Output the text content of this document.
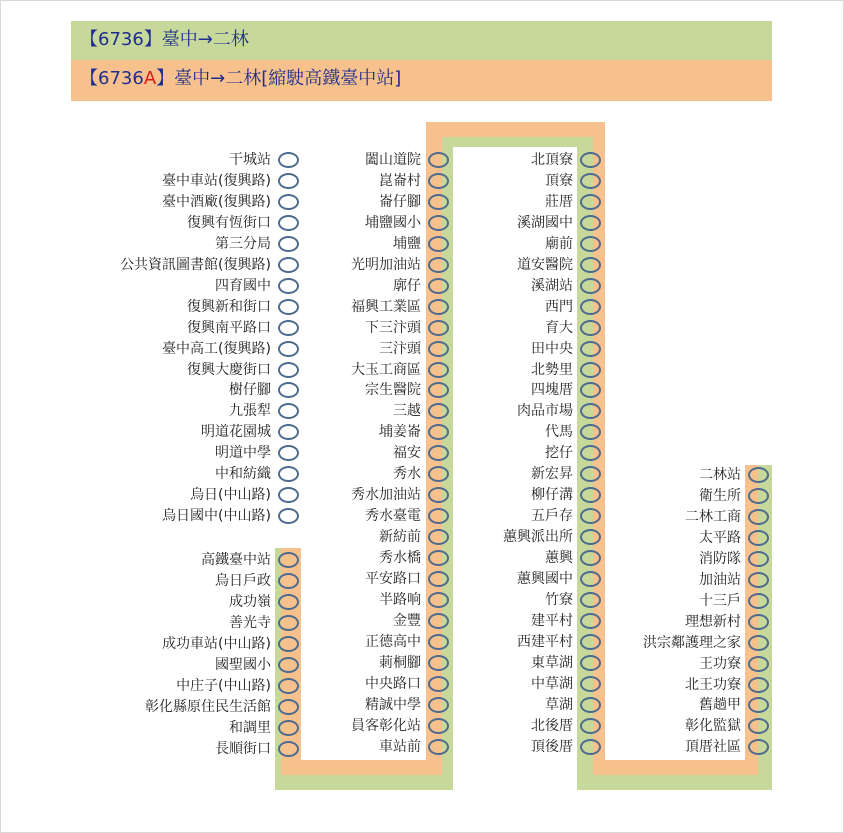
【6736】臺中→二林
【6736A】臺中→二林[縮駛高鐵臺中站]
干城站
臺中車站(復興路)
臺中酒廠(復興路)
復興有恆街口
第三分局
公共資訊圖書館(復興路)
四育國中
復興新和街口
復興南平路口
臺中高工(復興路)
復興大慶街口
樹仔腳
九張犁
明道花園城
明道中學
中和紡織
烏日(中山路)
烏日國中(中山路)
高鐵臺中站
烏日戶政
成功嶺
善光寺
成功車站(中山路)
國聖國小
中庄子(中山路)
彰化縣原住民生活館
和調里
長順街口
闔山道院
崑崙村
崙仔腳
埔鹽國小
埔鹽
光明加油站
廓仔
福興工業區
下三汴頭
三汴頭
大玉工商區
宗生醫院
三越
埔姜崙
福安
秀水
秀水加油站
秀水臺電
新紡前
秀水橋
平安路口
半路响
金豐
正德高中
莿桐腳
中央路口
精誠中學
員客彰化站
車站前
北頂寮
頂寮
莊厝
溪湖國中
廟前
道安醫院
溪湖站
西門
育大
田中央
北勢里
四塊厝
肉品市場
代馬
挖仔
新宏昇
柳仔溝
五戶存
蕙興派出所
蕙興
蕙興國中
竹寮
建平村
西建平村
東草湖
中草湖
草湖
北後厝
頂後厝
二林站
衛生所
二林工商
太平路
消防隊
加油站
十三戶
理想新村
洪宗鄰護理之家
王功寮
北王功寮
舊趟甲
彰化監獄
頂厝社區
